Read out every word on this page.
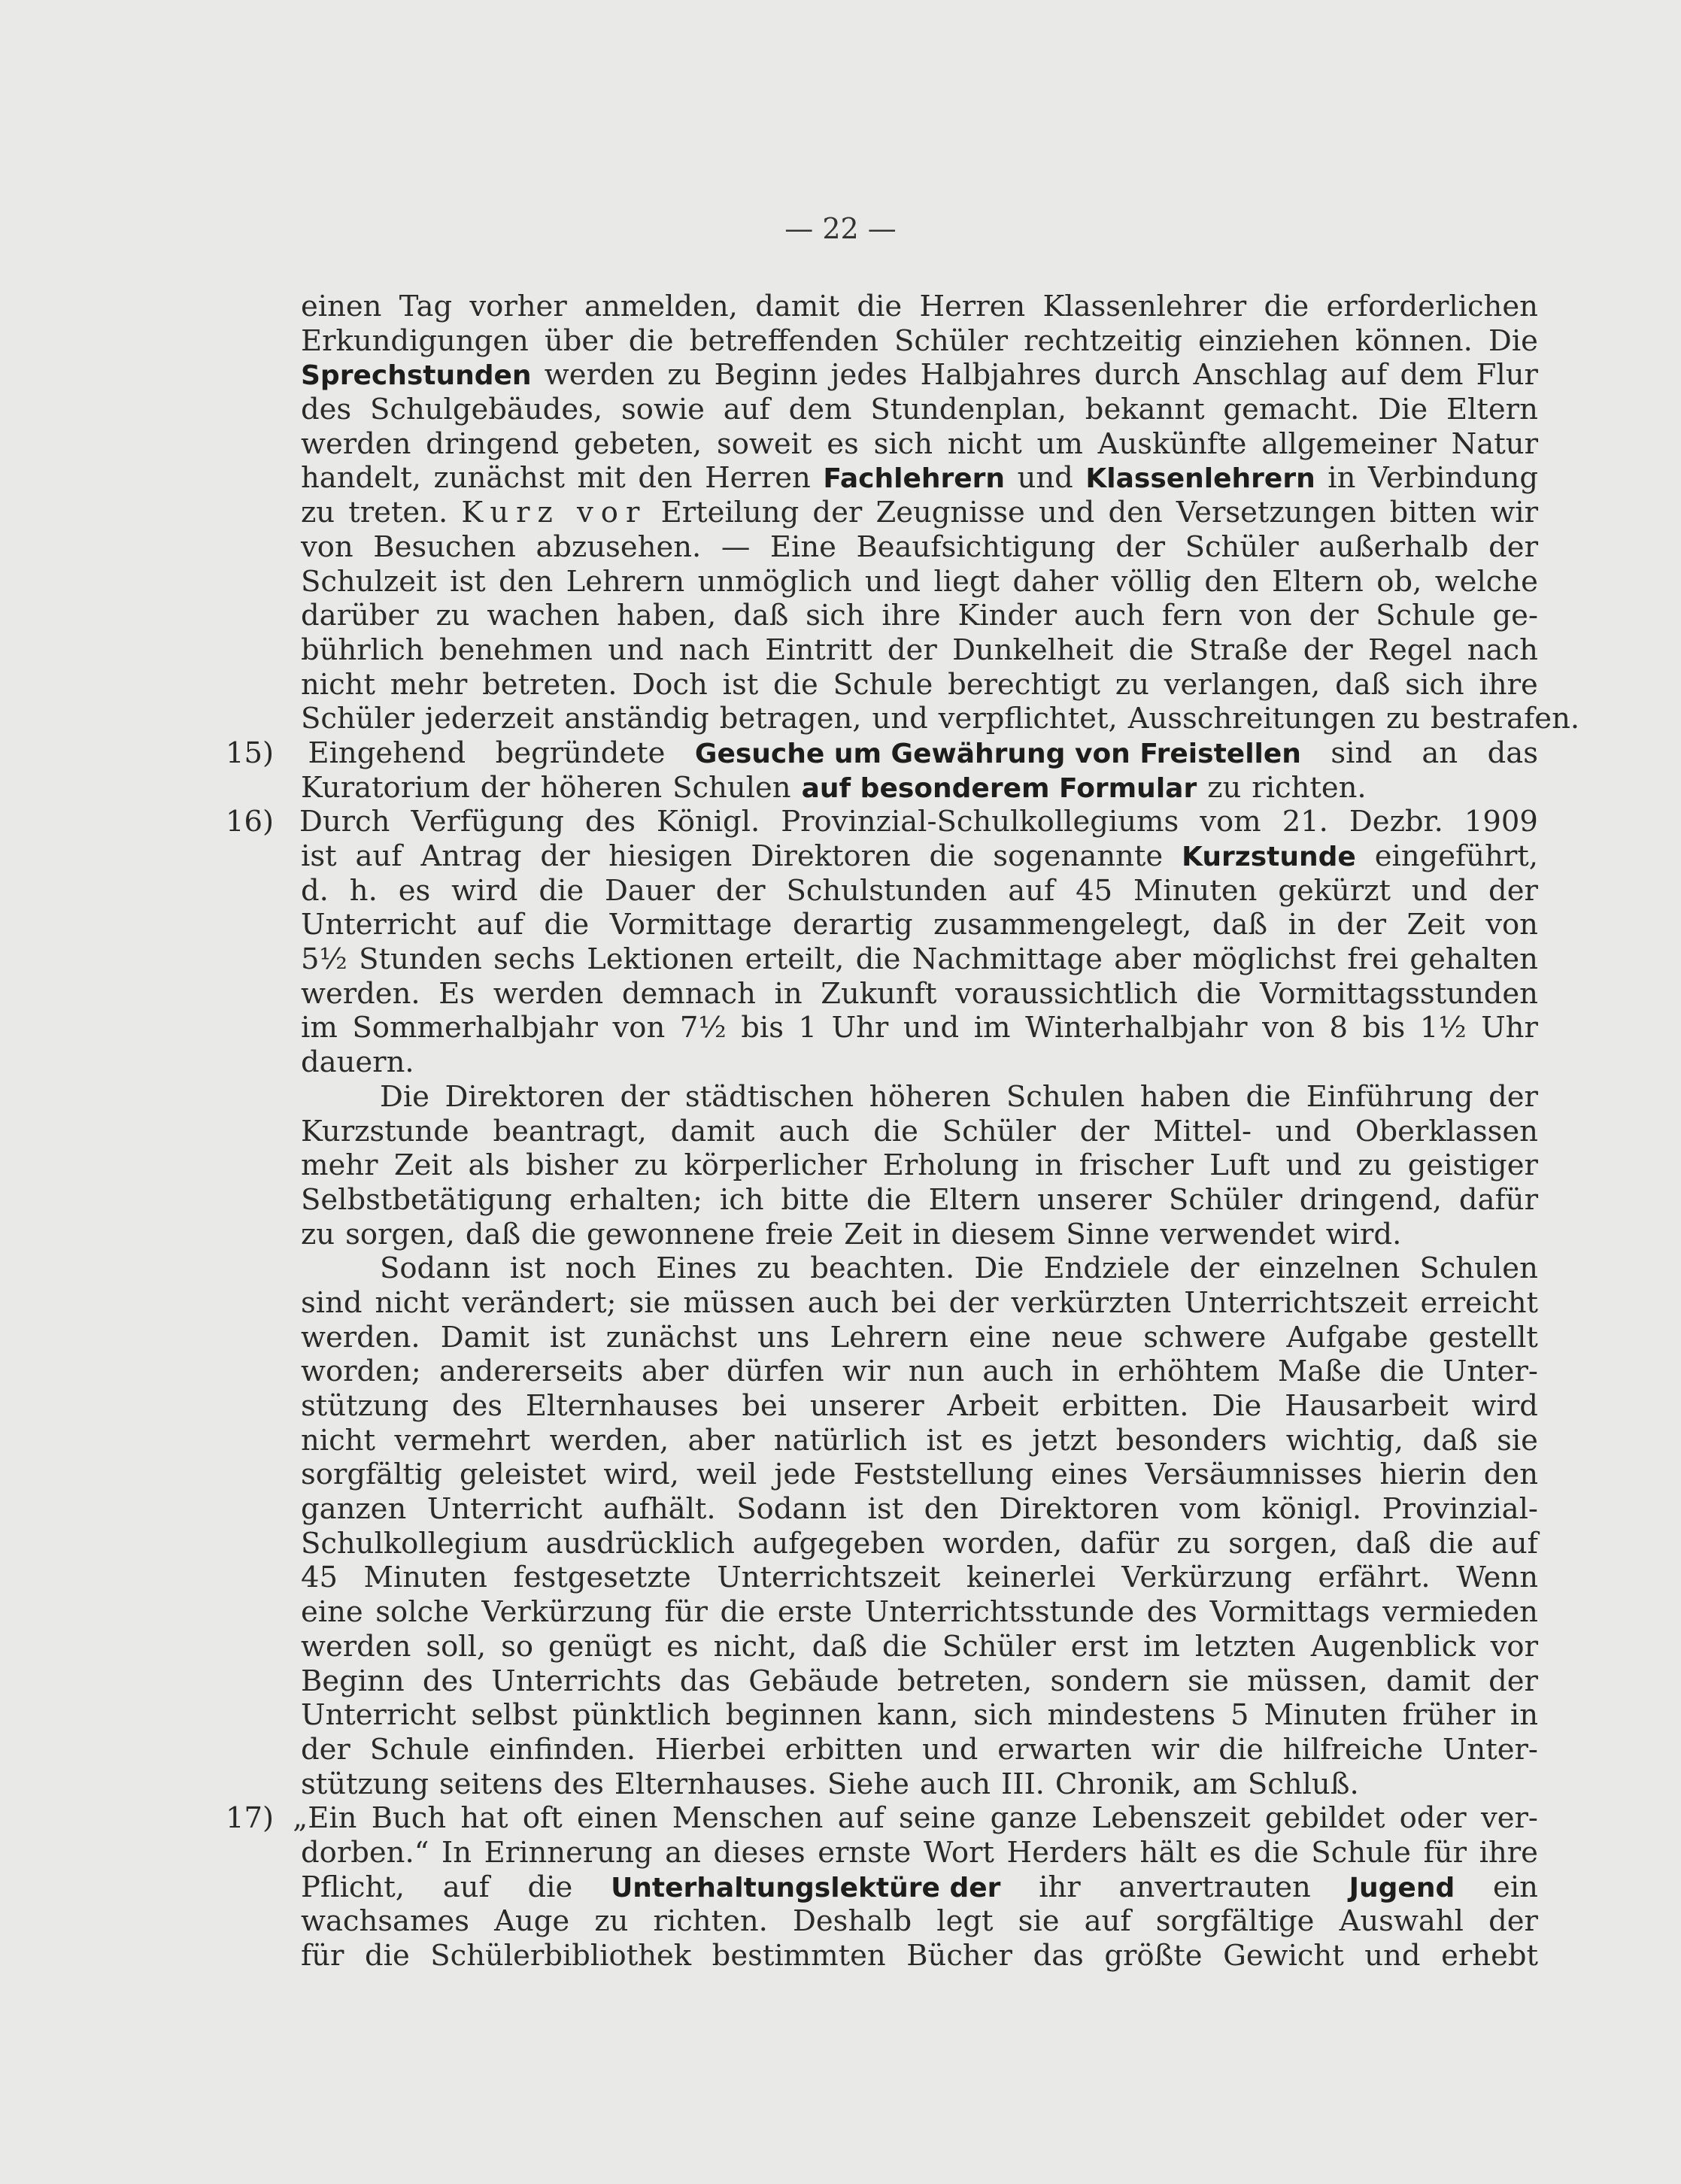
— 22 —
einen Tag vorher anmelden, damit die Herren Klassenlehrer die erforderlichen
Erkundigungen über die betreffenden Schüler rechtzeitig einziehen können. Die
Sprechstunden werden zu Beginn jedes Halbjahres durch Anschlag auf dem Flur
des Schulgebäudes, sowie auf dem Stundenplan, bekannt gemacht. Die Eltern
werden dringend gebeten, soweit es sich nicht um Auskünfte allgemeiner Natur
handelt, zunächst mit den Herren Fachlehrern und Klassenlehrern in Verbindung
zu treten. Kurz vor Erteilung der Zeugnisse und den Versetzungen bitten wir
von Besuchen abzusehen. — Eine Beaufsichtigung der Schüler außerhalb der
Schulzeit ist den Lehrern unmöglich und liegt daher völlig den Eltern ob, welche
darüber zu wachen haben, daß sich ihre Kinder auch fern von der Schule ge-
bührlich benehmen und nach Eintritt der Dunkelheit die Straße der Regel nach
nicht mehr betreten. Doch ist die Schule berechtigt zu verlangen, daß sich ihre
Schüler jederzeit anständig betragen, und verpflichtet, Ausschreitungen zu bestrafen.
15) Eingehend begründete Gesuche um Gewährung von Freistellen sind an das
Kuratorium der höheren Schulen auf besonderem Formular zu richten.
16) Durch Verfügung des Königl. Provinzial-Schulkollegiums vom 21. Dezbr. 1909
ist auf Antrag der hiesigen Direktoren die sogenannte Kurzstunde eingeführt,
d. h. es wird die Dauer der Schulstunden auf 45 Minuten gekürzt und der
Unterricht auf die Vormittage derartig zusammengelegt, daß in der Zeit von
5½ Stunden sechs Lektionen erteilt, die Nachmittage aber möglichst frei gehalten
werden. Es werden demnach in Zukunft voraussichtlich die Vormittagsstunden
im Sommerhalbjahr von 7½ bis 1 Uhr und im Winterhalbjahr von 8 bis 1½ Uhr
dauern.
Die Direktoren der städtischen höheren Schulen haben die Einführung der
Kurzstunde beantragt, damit auch die Schüler der Mittel- und Oberklassen
mehr Zeit als bisher zu körperlicher Erholung in frischer Luft und zu geistiger
Selbstbetätigung erhalten; ich bitte die Eltern unserer Schüler dringend, dafür
zu sorgen, daß die gewonnene freie Zeit in diesem Sinne verwendet wird.
Sodann ist noch Eines zu beachten. Die Endziele der einzelnen Schulen
sind nicht verändert; sie müssen auch bei der verkürzten Unterrichtszeit erreicht
werden. Damit ist zunächst uns Lehrern eine neue schwere Aufgabe gestellt
worden; andererseits aber dürfen wir nun auch in erhöhtem Maße die Unter-
stützung des Elternhauses bei unserer Arbeit erbitten. Die Hausarbeit wird
nicht vermehrt werden, aber natürlich ist es jetzt besonders wichtig, daß sie
sorgfältig geleistet wird, weil jede Feststellung eines Versäumnisses hierin den
ganzen Unterricht aufhält. Sodann ist den Direktoren vom königl. Provinzial-
Schulkollegium ausdrücklich aufgegeben worden, dafür zu sorgen, daß die auf
45 Minuten festgesetzte Unterrichtszeit keinerlei Verkürzung erfährt. Wenn
eine solche Verkürzung für die erste Unterrichtsstunde des Vormittags vermieden
werden soll, so genügt es nicht, daß die Schüler erst im letzten Augenblick vor
Beginn des Unterrichts das Gebäude betreten, sondern sie müssen, damit der
Unterricht selbst pünktlich beginnen kann, sich mindestens 5 Minuten früher in
der Schule einfinden. Hierbei erbitten und erwarten wir die hilfreiche Unter-
stützung seitens des Elternhauses. Siehe auch III. Chronik, am Schluß.
17) „Ein Buch hat oft einen Menschen auf seine ganze Lebenszeit gebildet oder ver-
dorben.“ In Erinnerung an dieses ernste Wort Herders hält es die Schule für ihre
Pflicht, auf die Unterhaltungslektüre der ihr anvertrauten Jugend ein
wachsames Auge zu richten. Deshalb legt sie auf sorgfältige Auswahl der
für die Schülerbibliothek bestimmten Bücher das größte Gewicht und erhebt
